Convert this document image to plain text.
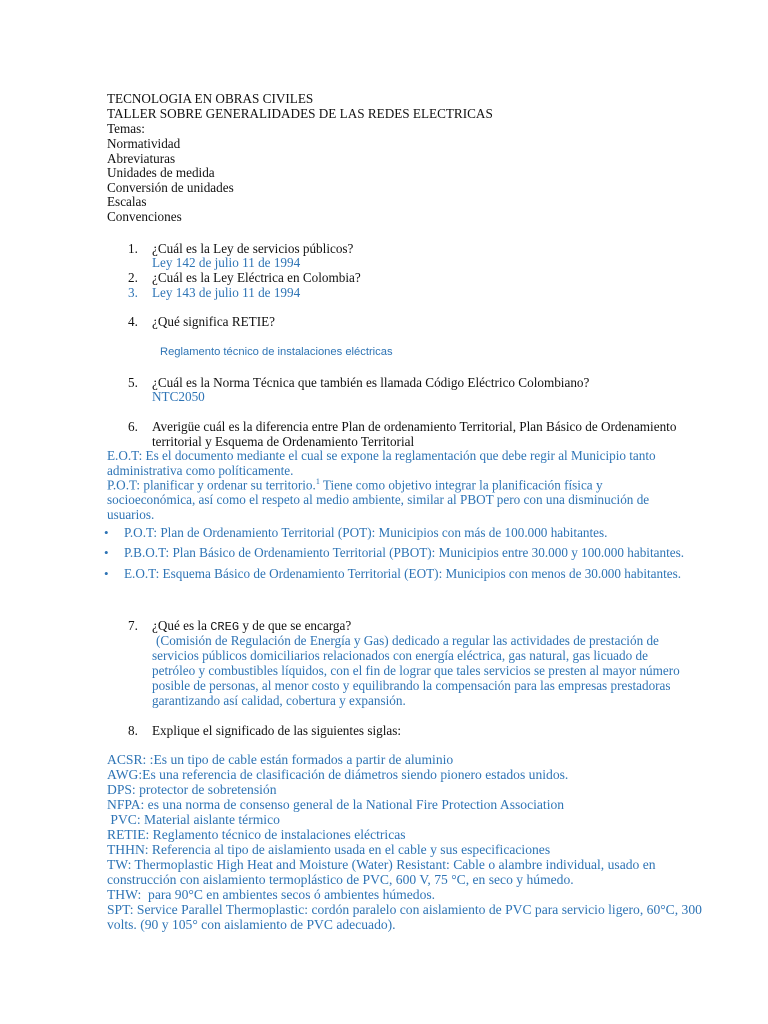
TECNOLOGIA EN OBRAS CIVILES
TALLER SOBRE GENERALIDADES DE LAS REDES ELECTRICAS
Temas:
Normatividad
Abreviaturas
Unidades de medida
Conversión de unidades
Escalas
Convenciones
1. ¿Cuál es la Ley de servicios públicos?
Ley 142 de julio 11 de 1994
2. ¿Cuál es la Ley Eléctrica en Colombia?
3. Ley 143 de julio 11 de 1994
4. ¿Qué significa RETIE?
Reglamento técnico de instalaciones eléctricas
5. ¿Cuál es la Norma Técnica que también es llamada Código Eléctrico Colombiano?
NTC2050
6. Averigüe cuál es la diferencia entre Plan de ordenamiento Territorial, Plan Básico de Ordenamiento
territorial y Esquema de Ordenamiento Territorial
E.O.T: Es el documento mediante el cual se expone la reglamentación que debe regir al Municipio tanto
administrativa como políticamente.
P.O.T: planificar y ordenar su territorio.$^1$ Tiene como objetivo integrar la planificación física y
socioeconómica, así como el respeto al medio ambiente, similar al PBOT pero con una disminución de
usuarios.
• P.O.T: Plan de Ordenamiento Territorial (POT): Municipios con más de 100.000 habitantes.
• P.B.O.T: Plan Básico de Ordenamiento Territorial (PBOT): Municipios entre 30.000 y 100.000 habitantes.
• E.O.T: Esquema Básico de Ordenamiento Territorial (EOT): Municipios con menos de 30.000 habitantes.
7. ¿Qué es la CREG y de que se encarga?
(Comisión de Regulación de Energía y Gas) dedicado a regular las actividades de prestación de
servicios públicos domiciliarios relacionados con energía eléctrica, gas natural, gas licuado de
petróleo y combustibles líquidos, con el fin de lograr que tales servicios se presten al mayor número
posible de personas, al menor costo y equilibrando la compensación para las empresas prestadoras
garantizando así calidad, cobertura y expansión.
8. Explique el significado de las siguientes siglas:
ACSR: :Es un tipo de cable están formados a partir de aluminio
AWG:Es una referencia de clasificación de diámetros siendo pionero estados unidos.
DPS: protector de sobretensión
NFPA: es una norma de consenso general de la National Fire Protection Association
PVC: Material aislante térmico
RETIE: Reglamento técnico de instalaciones eléctricas
THHN: Referencia al tipo de aislamiento usada en el cable y sus especificaciones
TW: Thermoplastic High Heat and Moisture (Water) Resistant: Cable o alambre individual, usado en
construcción con aislamiento termoplástico de PVC, 600 V, 75 °C, en seco y húmedo.
THW:  para 90°C en ambientes secos ó ambientes húmedos.
SPT: Service Parallel Thermoplastic: cordón paralelo con aislamiento de PVC para servicio ligero, 60°C, 300
volts. (90 y 105° con aislamiento de PVC adecuado).
